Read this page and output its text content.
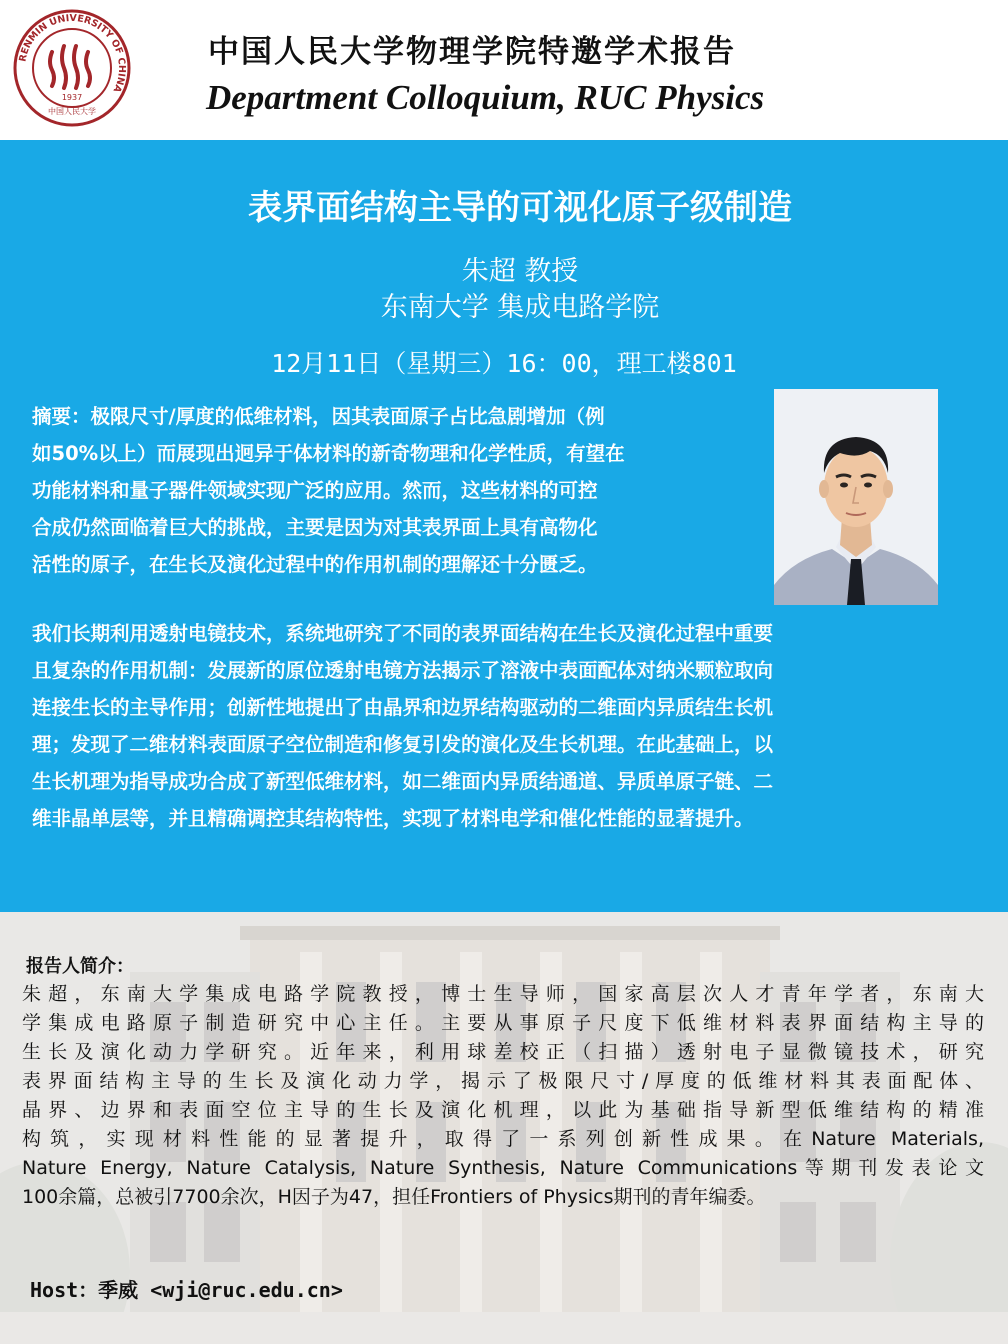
RENMIN UNIVERSITY OF CHINA
1937
中国人民大学
中国人民大学物理学院特邀学术报告
Department Colloquium, RUC Physics
表界面结构主导的可视化原子级制造
朱超 教授
东南大学 集成电路学院
12月11日（星期三）16：00，理工楼801

摘要：极限尺寸/厚度的低维材料，因其表面原子占比急剧增加（例

如50%以上）而展现出迥异于体材料的新奇物理和化学性质，有望在

功能材料和量子器件领域实现广泛的应用。然而，这些材料的可控

合成仍然面临着巨大的挑战，主要是因为对其表界面上具有高物化

活性的原子，在生长及演化过程中的作用机制的理解还十分匮乏。

我们长期利用透射电镜技术，系统地研究了不同的表界面结构在生长及演化过程中重要

且复杂的作用机制：发展新的原位透射电镜方法揭示了溶液中表面配体对纳米颗粒取向

连接生长的主导作用；创新性地提出了由晶界和边界结构驱动的二维面内异质结生长机

理；发现了二维材料表面原子空位制造和修复引发的演化及生长机理。在此基础上，以

生长机理为指导成功合成了新型低维材料，如二维面内异质结通道、异质单原子链、二

维非晶单层等，并且精确调控其结构特性，实现了材料电学和催化性能的显著提升。

报告人简介：

朱超，东南大学集成电路学院教授，博士生导师，国家高层次人才青年学者，东南大

学集成电路原子制造研究中心主任。主要从事原子尺度下低维材料表界面结构主导的

生长及演化动力学研究。近年来，利用球差校正（扫描）透射电子显微镜技术，研究

表界面结构主导的生长及演化动力学，揭示了极限尺寸/厚度的低维材料其表面配体、

晶界、边界和表面空位主导的生长及演化机理，以此为基础指导新型低维结构的精准

构筑，实现材料性能的显著提升，取得了一系列创新性成果。在Nature Materials,

Nature Energy, Nature Catalysis, Nature Synthesis, Nature Communications等期刊发表论文

100余篇，总被引7700余次，H因子为47，担任Frontiers of Physics期刊的青年编委。

Host：季威 <wji@ruc.edu.cn>
